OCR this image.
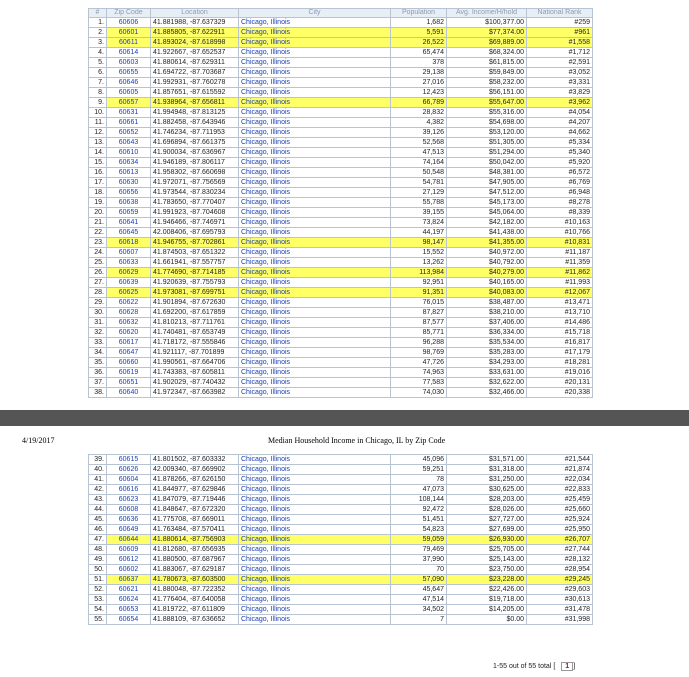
#	Zip Code	Location	City	Population	Avg. Income/H/hold	National Rank
1.	60606	41.881988, -87.637329	Chicago, Illinois	1,682	$100,377.00	#259
2.	60601	41.885805, -87.622911	Chicago, Illinois	5,591	$77,374.00	#961
3.	60611	41.893024, -87.618998	Chicago, Illinois	26,522	$69,889.00	#1,558
4.	60614	41.922667, -87.652537	Chicago, Illinois	65,474	$68,324.00	#1,712
5.	60603	41.880614, -87.629311	Chicago, Illinois	378	$61,815.00	#2,591
6.	60655	41.694722, -87.703687	Chicago, Illinois	29,138	$59,849.00	#3,052
7.	60646	41.992931, -87.760278	Chicago, Illinois	27,016	$58,232.00	#3,331
8.	60605	41.857651, -87.615592	Chicago, Illinois	12,423	$56,151.00	#3,829
9.	60657	41.938964, -87.656811	Chicago, Illinois	66,789	$55,647.00	#3,962
10.	60631	41.994948, -87.813125	Chicago, Illinois	28,832	$55,316.00	#4,054
11.	60661	41.882458, -87.643946	Chicago, Illinois	4,382	$54,698.00	#4,207
12.	60652	41.746234, -87.711953	Chicago, Illinois	39,126	$53,120.00	#4,662
13.	60643	41.696894, -87.661375	Chicago, Illinois	52,568	$51,305.00	#5,334
14.	60610	41.900034, -87.636967	Chicago, Illinois	47,513	$51,294.00	#5,340
15.	60634	41.946189, -87.806117	Chicago, Illinois	74,164	$50,042.00	#5,920
16.	60613	41.958302, -87.660698	Chicago, Illinois	50,548	$48,381.00	#6,572
17.	60630	41.972071, -87.756569	Chicago, Illinois	54,781	$47,905.00	#6,769
18.	60656	41.973544, -87.830234	Chicago, Illinois	27,129	$47,512.00	#6,948
19.	60638	41.783650, -87.770407	Chicago, Illinois	55,788	$45,173.00	#8,278
20.	60659	41.991923, -87.704608	Chicago, Illinois	39,155	$45,064.00	#8,339
21.	60641	41.946466, -87.746971	Chicago, Illinois	73,824	$42,182.00	#10,163
22.	60645	42.008406, -87.695793	Chicago, Illinois	44,197	$41,438.00	#10,766
23.	60618	41.946755, -87.702861	Chicago, Illinois	98,147	$41,355.00	#10,831
24.	60607	41.874503, -87.651322	Chicago, Illinois	15,552	$40,972.00	#11,187
25.	60633	41.661941, -87.557757	Chicago, Illinois	13,262	$40,792.00	#11,359
26.	60629	41.774690, -87.714185	Chicago, Illinois	113,984	$40,279.00	#11,862
27.	60639	41.920639, -87.755793	Chicago, Illinois	92,951	$40,165.00	#11,993
28.	60625	41.973081, -87.699751	Chicago, Illinois	91,351	$40,083.00	#12,067
29.	60622	41.901894, -87.672630	Chicago, Illinois	76,015	$38,487.00	#13,471
30.	60628	41.692200, -87.617859	Chicago, Illinois	87,827	$38,210.00	#13,710
31.	60632	41.810213, -87.711761	Chicago, Illinois	87,577	$37,406.00	#14,486
32.	60620	41.740481, -87.653749	Chicago, Illinois	85,771	$36,334.00	#15,718
33.	60617	41.718172, -87.555846	Chicago, Illinois	96,288	$35,534.00	#16,817
34.	60647	41.921117, -87.701899	Chicago, Illinois	98,769	$35,283.00	#17,179
35.	60660	41.990561, -87.664706	Chicago, Illinois	47,726	$34,293.00	#18,281
36.	60619	41.743383, -87.605811	Chicago, Illinois	74,963	$33,631.00	#19,016
37.	60651	41.902029, -87.740432	Chicago, Illinois	77,583	$32,622.00	#20,131
38.	60640	41.972347, -87.663982	Chicago, Illinois	74,030	$32,466.00	#20,338
4/19/2017	Median Household Income in Chicago, IL by Zip Code
39.	60615	41.801502, -87.603332	Chicago, Illinois	45,096	$31,571.00	#21,544
40.	60626	42.009340, -87.669902	Chicago, Illinois	59,251	$31,318.00	#21,874
41.	60604	41.878266, -87.626150	Chicago, Illinois	78	$31,250.00	#22,034
42.	60616	41.844977, -87.629846	Chicago, Illinois	47,073	$30,625.00	#22,833
43.	60623	41.847079, -87.719446	Chicago, Illinois	108,144	$28,203.00	#25,459
44.	60608	41.848647, -87.672320	Chicago, Illinois	92,472	$28,026.00	#25,660
45.	60636	41.775708, -87.669011	Chicago, Illinois	51,451	$27,727.00	#25,924
46.	60649	41.763484, -87.570411	Chicago, Illinois	54,823	$27,699.00	#25,950
47.	60644	41.880614, -87.756903	Chicago, Illinois	59,059	$26,930.00	#26,707
48.	60609	41.812680, -87.656935	Chicago, Illinois	79,469	$25,705.00	#27,744
49.	60612	41.880500, -87.687967	Chicago, Illinois	37,990	$25,143.00	#28,132
50.	60602	41.883067, -87.629187	Chicago, Illinois	70	$23,750.00	#28,954
51.	60637	41.780673, -87.603500	Chicago, Illinois	57,090	$23,228.00	#29,245
52.	60621	41.880048, -87.722352	Chicago, Illinois	45,647	$22,426.00	#29,603
53.	60624	41.776404, -87.640058	Chicago, Illinois	47,514	$19,718.00	#30,613
54.	60653	41.819722, -87.611809	Chicago, Illinois	34,502	$14,205.00	#31,478
55.	60654	41.888109, -87.636652	Chicago, Illinois	7	$0.00	#31,998
1-55 out of 55 total [ 1 ]
